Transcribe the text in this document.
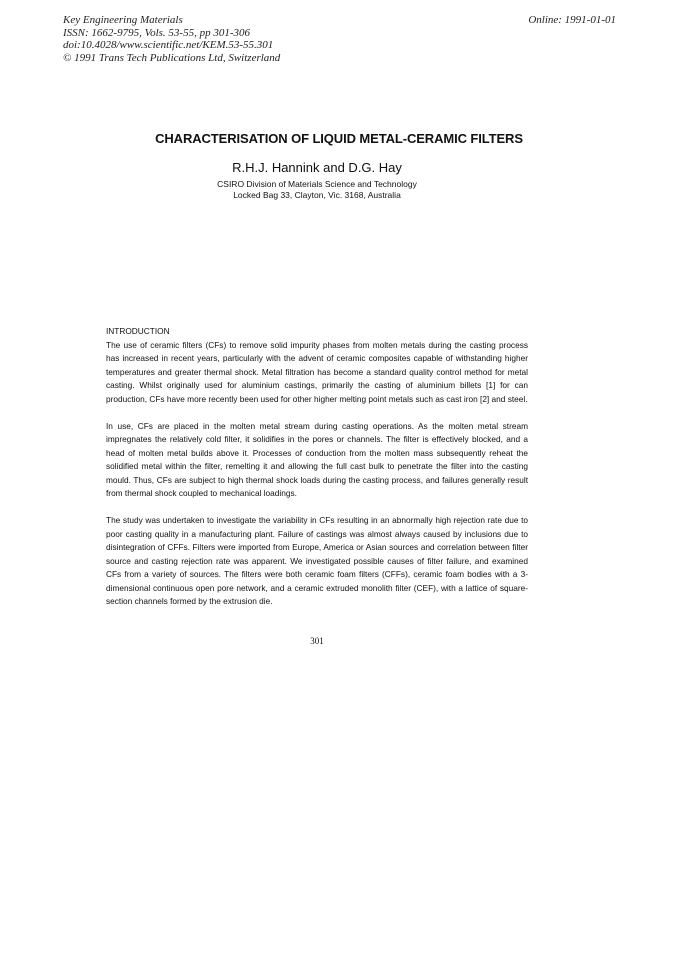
Key Engineering Materials
ISSN: 1662-9795, Vols. 53-55, pp 301-306
doi:10.4028/www.scientific.net/KEM.53-55.301
© 1991 Trans Tech Publications Ltd, Switzerland
Online: 1991-01-01
CHARACTERISATION OF LIQUID METAL-CERAMIC FILTERS
R.H.J. Hannink and D.G. Hay
CSIRO Division of Materials Science and Technology
Locked Bag 33, Clayton, Vic. 3168, Australia
INTRODUCTION

The use of ceramic filters (CFs) to remove solid impurity phases from molten metals during the casting process has increased in recent years, particularly with the advent of ceramic composites capable of withstanding higher temperatures and greater thermal shock. Metal filtration has become a standard quality control method for metal casting. Whilst originally used for aluminium castings, primarily the casting of aluminium billets [1] for can production, CFs have more recently been used for other higher melting point metals such as cast iron [2] and steel.

In use, CFs are placed in the molten metal stream during casting operations. As the molten metal stream impregnates the relatively cold filter, it solidifies in the pores or channels. The filter is effectively blocked, and a head of molten metal builds above it. Processes of conduction from the molten mass subsequently reheat the solidified metal within the filter, remelting it and allowing the full cast bulk to penetrate the filter into the casting mould. Thus, CFs are subject to high thermal shock loads during the casting process, and failures generally result from thermal shock coupled to mechanical loadings.

The study was undertaken to investigate the variability in CFs resulting in an abnormally high rejection rate due to poor casting quality in a manufacturing plant. Failure of castings was almost always caused by inclusions due to disintegration of CFFs. Filters were imported from Europe, America or Asian sources and correlation between filter source and casting rejection rate was apparent. We investigated possible causes of filter failure, and examined CFs from a variety of sources. The filters were both ceramic foam filters (CFFs), ceramic foam bodies with a 3-dimensional continuous open pore network, and a ceramic extruded monolith filter (CEF), with a lattice of square-section channels formed by the extrusion die.

301
